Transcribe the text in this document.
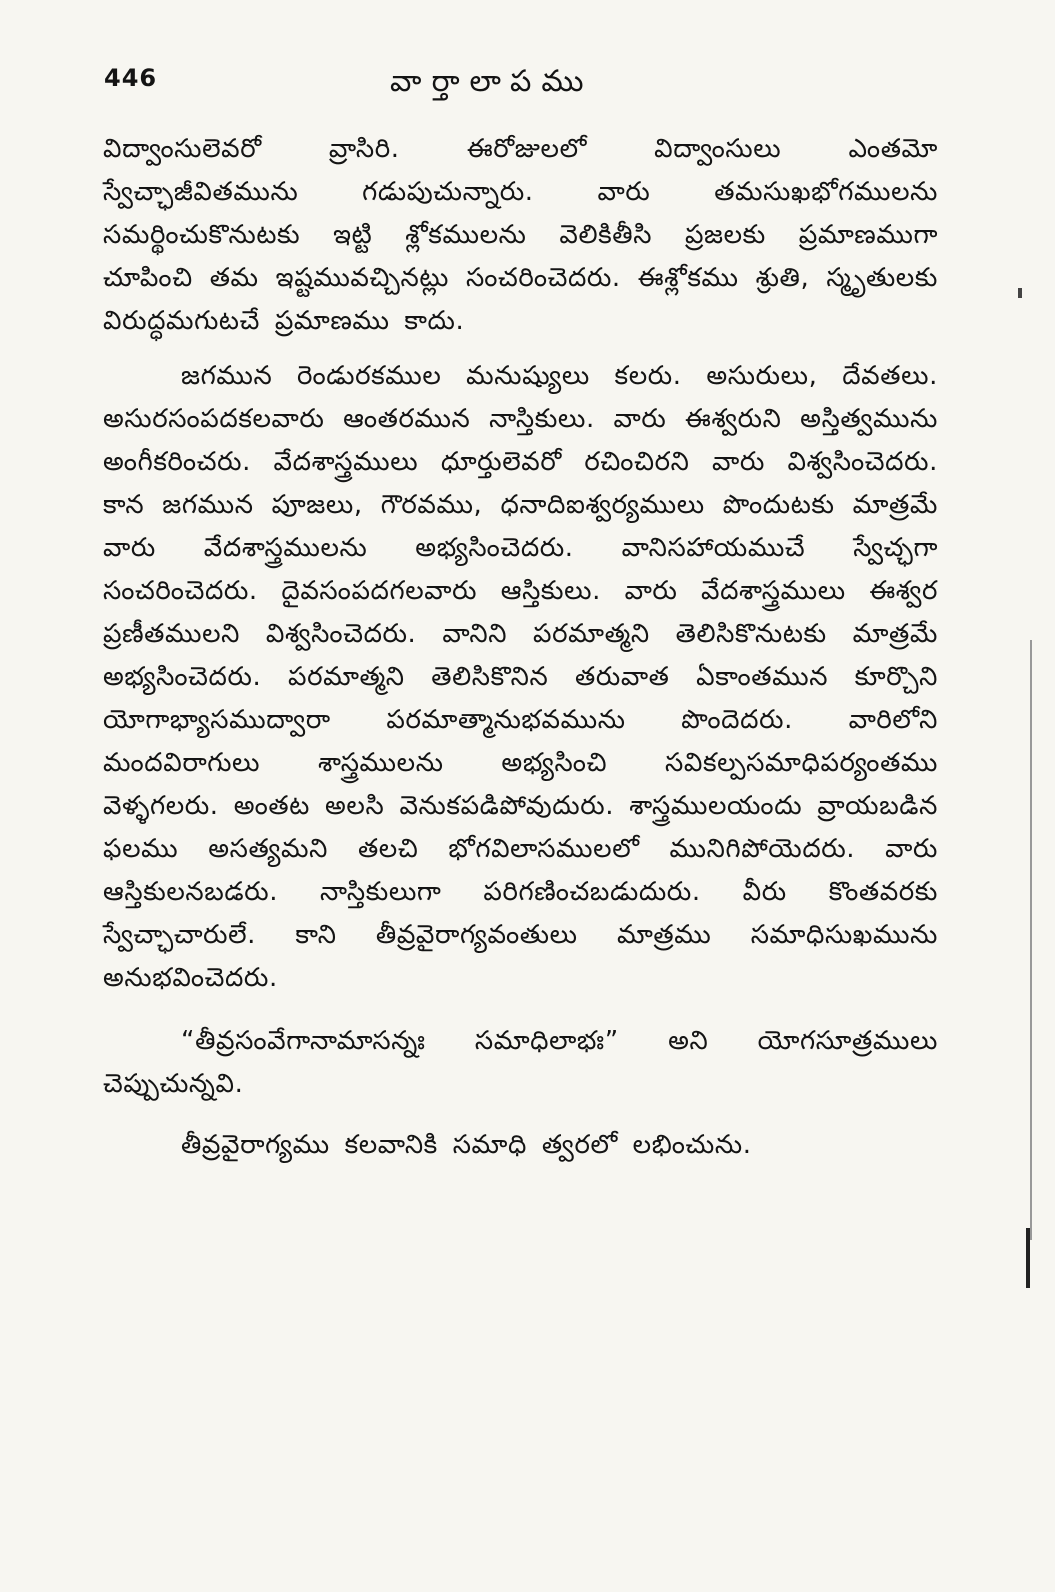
446	వార్తాలాపము

విద్వాంసులెవరో వ్రాసిరి. ఈరోజులలో విద్వాంసులు ఎంతమో స్వేచ్ఛాజీవితమును గడుపుచున్నారు. వారు తమసుఖభోగములను సమర్థించుకొనుటకు ఇట్టి శ్లోకములను వెలికితీసి ప్రజలకు ప్రమాణముగా చూపించి తమ ఇష్టమువచ్చినట్లు సంచరించెదరు. ఈశ్లోకము శ్రుతి, స్మృతులకు విరుద్ధమగుటచే ప్రమాణము కాదు.

జగమున రెండురకముల మనుష్యులు కలరు. అసురులు, దేవతలు. అసురసంపదకలవారు ఆంతరమున నాస్తికులు. వారు ఈశ్వరుని అస్తిత్వమును అంగీకరించరు. వేదశాస్త్రములు ధూర్తులెవరో రచించిరని వారు విశ్వసించెదరు. కాన జగమున పూజలు, గౌరవము, ధనాదిఐశ్వర్యములు పొందుటకు మాత్రమే వారు వేదశాస్త్రములను అభ్యసించెదరు. వానిసహాయముచే స్వేచ్ఛగా సంచరించెదరు. దైవసంపదగలవారు ఆస్తికులు. వారు వేదశాస్త్రములు ఈశ్వర ప్రణీతములని విశ్వసించెదరు. వానిని పరమాత్మని తెలిసికొనుటకు మాత్రమే అభ్యసించెదరు. పరమాత్మని తెలిసికొనిన తరువాత ఏకాంతమున కూర్చొని యోగాభ్యాసముద్వారా పరమాత్మానుభవమును పొందెదరు. వారిలోని మందవిరాగులు శాస్త్రములను అభ్యసించి సవికల్పసమాధిపర్యంతము వెళ్ళగలరు. అంతట అలసి వెనుకపడిపోవుదురు. శాస్త్రములయందు వ్రాయబడిన ఫలము అసత్యమని తలచి భోగవిలాసములలో మునిగిపోయెదరు. వారు ఆస్తికులనబడరు. నాస్తికులుగా పరిగణించబడుదురు. వీరు కొంతవరకు స్వేచ్ఛాచారులే. కాని తీవ్రవైరాగ్యవంతులు మాత్రము సమాధిసుఖమును అనుభవించెదరు.

“తీవ్రసంవేగానామాసన్నః సమాధిలాభః” అని యోగసూత్రములు చెప్పుచున్నవి.

తీవ్రవైరాగ్యము కలవానికి సమాధి త్వరలో లభించును.
